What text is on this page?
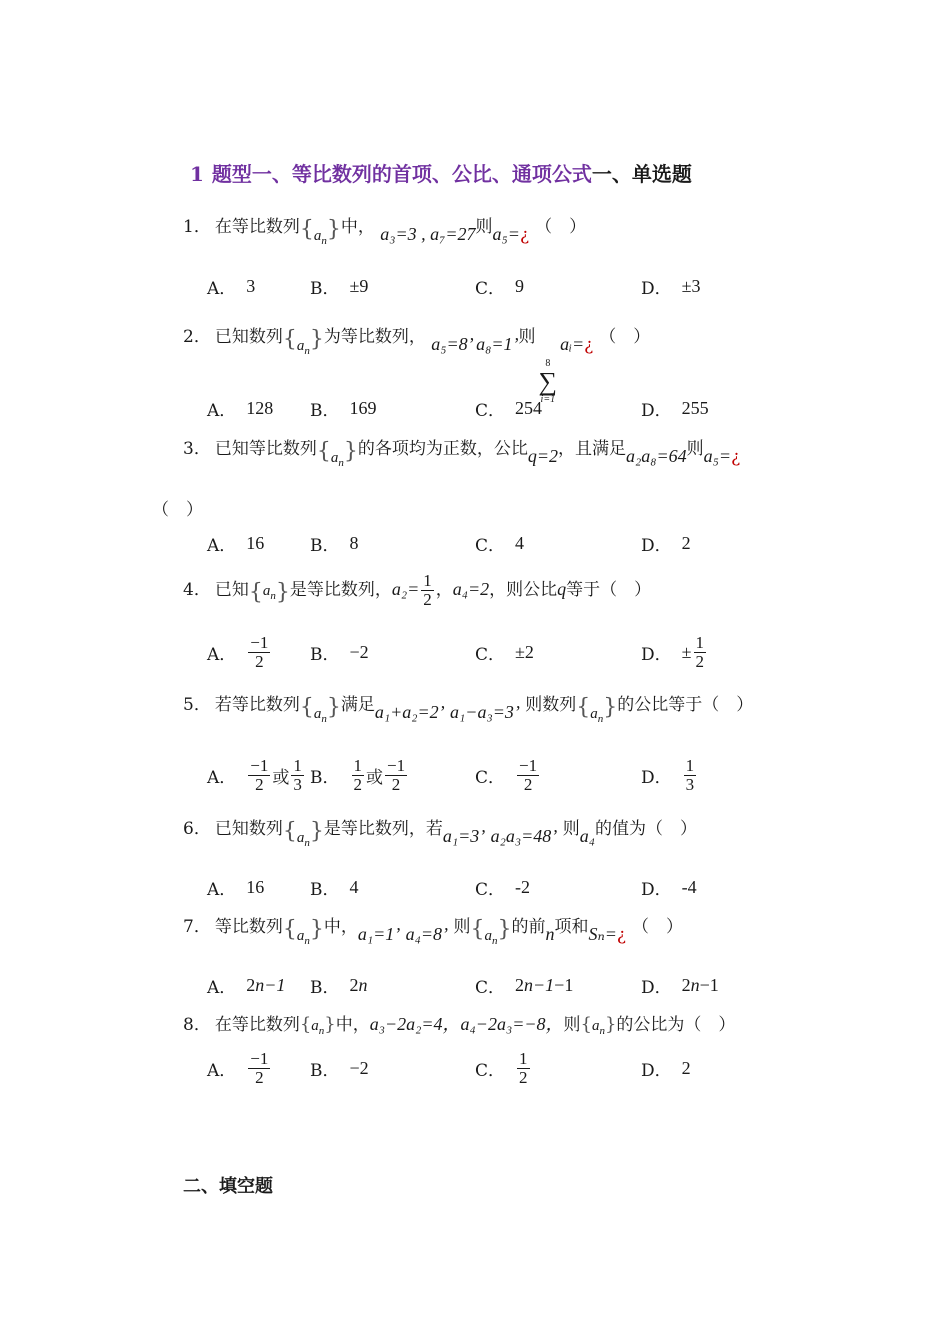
1 题型一、等比数列的首项、公比、通项公式一、单选题
1． 在等比数列$\{a_n\}$中， a₃=3 , a₇=27则a₅=¿ （　）
A． 3	B． ±9	C． 9	D． ±3
2． 已知数列$\{a_n\}$为等比数列， a₅=8’ a₈=1’则
8
∑
i=1
aᵢ=¿ （　）
A． 128 B． 169	C． 254	D． 255
3． 已知等比数列$\{a_n\}$的各项均为正数，公比q=2，且满足a₂a₈=64则a₅=¿
（　）
A． 16	B． 8	C． 4	D． 2
4． 已知$\{a_n\}$是等比数列，$a_2= \frac{1}{2}$ ，a₄=2，则公比q等于（　）
A． $\frac{-1}{2}$ B． −2	C． ±2	D． ± $\frac{1}{2}$
5． 若等比数列$\{a_n\}$满足a₁+a₂=2’ a₁−a₃=3’ 则数列$\{a_n\}$的公比等于（　）
A． $\frac{-1}{2}$ 或 $\frac{1}{3}$ B． $\frac{1}{2}$ 或 $\frac{-1}{2}$	C． $\frac{-1}{2}$	D． $\frac{1}{3}$
6． 已知数列$\{a_n\}$是等比数列，若a₁=3’ a₂a₃=48’ 则a₄的值为（　）
A． 16	B． 4	C． -2	D． -4
7． 等比数列$\{a_n\}$中，a₁=1’ a₄=8’ 则$\{a_n\}$的前n项和Sₙ=¿ （　）
A． 2 n−1 B． 2 n	C． 2 n−1 −1	D． 2 n −1
8． 在等比数列$\{a_n\}$中，a₃−2a₂=4，a₄−2a₃=−8，则$\{a_n\}$的公比为（　）
A． $\frac{-1}{2}$ B． −2	C． $\frac{1}{2}$	D． 2
二、填空题
